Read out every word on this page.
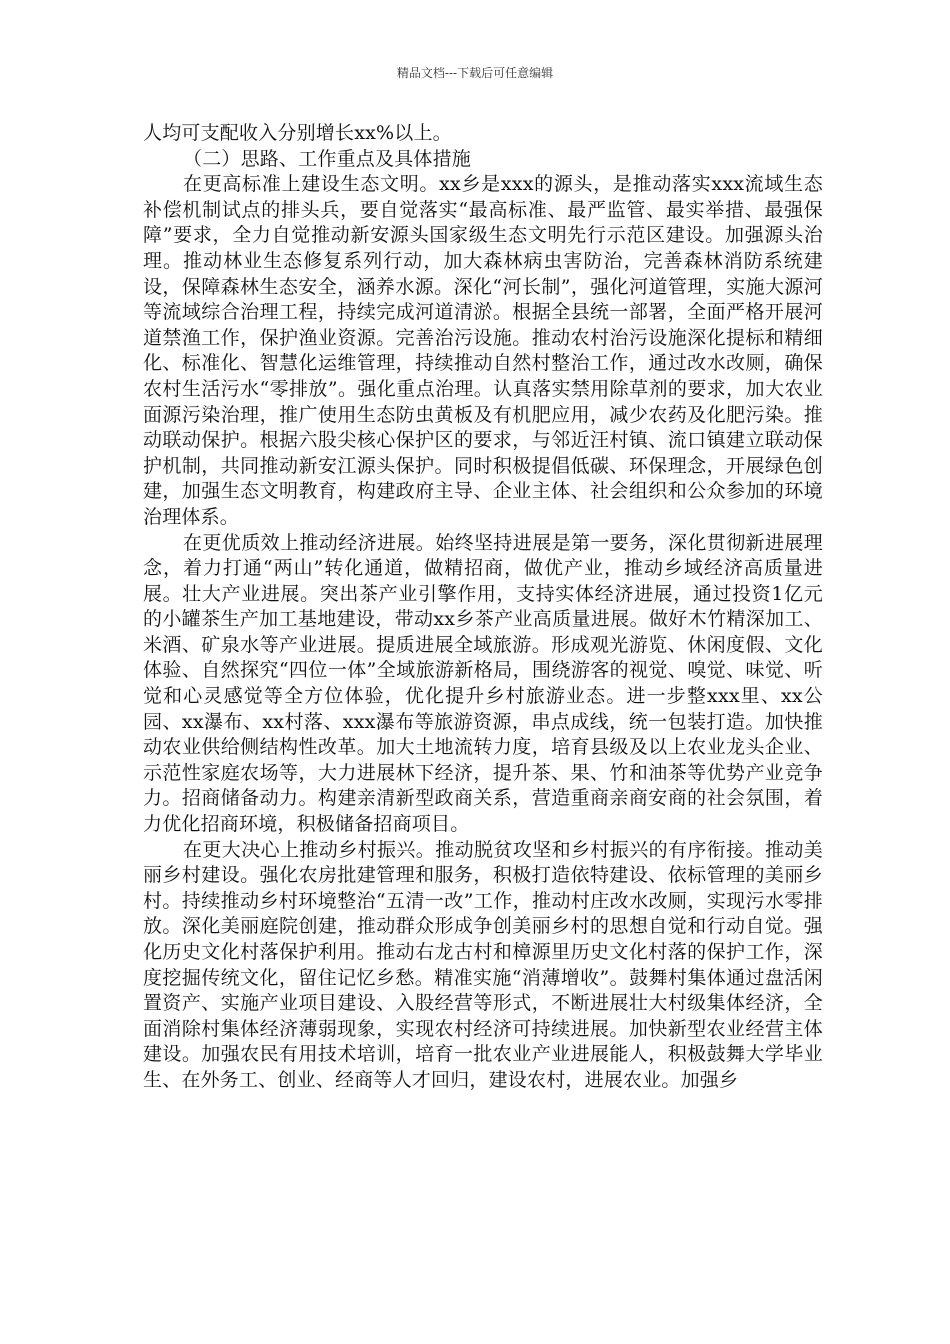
精品文档---下载后可任意编辑

人均可支配收入分别增长xx%以上。

（二）思路、工作重点及具体措施

在更高标准上建设生态文明。xx乡是xxx的源头，是推动落实xxx流域生态补偿机制试点的排头兵，要自觉落实“最高标准、最严监管、最实举措、最强保障”要求，全力自觉推动新安源头国家级生态文明先行示范区建设。加强源头治理。推动林业生态修复系列行动，加大森林病虫害防治，完善森林消防系统建设，保障森林生态安全，涵养水源。深化“河长制”，强化河道管理，实施大源河等流域综合治理工程，持续完成河道清淤。根据全县统一部署，全面严格开展河道禁渔工作，保护渔业资源。完善治污设施。推动农村治污设施深化提标和精细化、标准化、智慧化运维管理，持续推动自然村整治工作，通过改水改厕，确保农村生活污水“零排放”。强化重点治理。认真落实禁用除草剂的要求，加大农业面源污染治理，推广使用生态防虫黄板及有机肥应用，减少农药及化肥污染。推动联动保护。根据六股尖核心保护区的要求，与邻近汪村镇、流口镇建立联动保护机制，共同推动新安江源头保护。同时积极提倡低碳、环保理念，开展绿色创建，加强生态文明教育，构建政府主导、企业主体、社会组织和公众参加的环境治理体系。

在更优质效上推动经济进展。始终坚持进展是第一要务，深化贯彻新进展理念，着力打通“两山”转化通道，做精招商，做优产业，推动乡域经济高质量进展。壮大产业进展。突出茶产业引擎作用，支持实体经济进展，通过投资1亿元的小罐茶生产加工基地建设，带动xx乡茶产业高质量进展。做好木竹精深加工、米酒、矿泉水等产业进展。提质进展全域旅游。形成观光游览、休闲度假、文化体验、自然探究“四位一体”全域旅游新格局，围绕游客的视觉、嗅觉、味觉、听觉和心灵感觉等全方位体验，优化提升乡村旅游业态。进一步整xxx里、xx公园、xx瀑布、xx村落、xxx瀑布等旅游资源，串点成线，统一包装打造。加快推动农业供给侧结构性改革。加大土地流转力度，培育县级及以上农业龙头企业、示范性家庭农场等，大力进展林下经济，提升茶、果、竹和油茶等优势产业竞争力。招商储备动力。构建亲清新型政商关系，营造重商亲商安商的社会氛围，着力优化招商环境，积极储备招商项目。

在更大决心上推动乡村振兴。推动脱贫攻坚和乡村振兴的有序衔接。推动美丽乡村建设。强化农房批建管理和服务，积极打造依特建设、依标管理的美丽乡村。持续推动乡村环境整治“五清一改”工作，推动村庄改水改厕，实现污水零排放。深化美丽庭院创建，推动群众形成争创美丽乡村的思想自觉和行动自觉。强化历史文化村落保护利用。推动右龙古村和樟源里历史文化村落的保护工作，深度挖掘传统文化，留住记忆乡愁。精准实施“消薄增收”。鼓舞村集体通过盘活闲置资产、实施产业项目建设、入股经营等形式，不断进展壮大村级集体经济，全面消除村集体经济薄弱现象，实现农村经济可持续进展。加快新型农业经营主体建设。加强农民有用技术培训，培育一批农业产业进展能人，积极鼓舞大学毕业生、在外务工、创业、经商等人才回归，建设农村，进展农业。加强乡
